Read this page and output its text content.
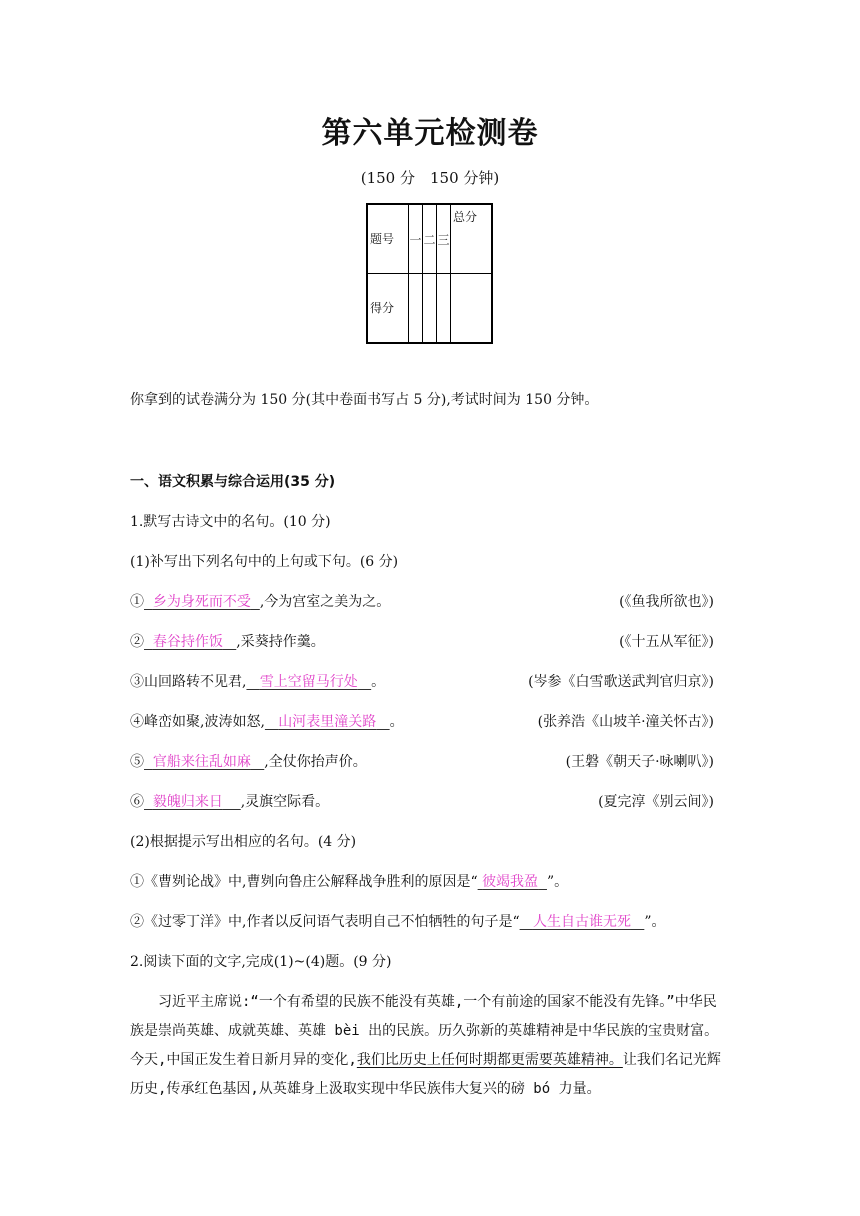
第六单元检测卷
(150 分　150 分钟)
题号	一	二	三	总分

得分				

你拿到的试卷满分为 150 分(其中卷面书写占 5 分),考试时间为 150 分钟。
一、语文积累与综合运用(35 分)
1.默写古诗文中的名句。(10 分)
(1)补写出下列名句中的上句或下句。(6 分)
① 乡为身死而不受 ,今为宫室之美为之。	(《鱼我所欲也》)
② 春谷持作饭 ,采葵持作羹。	(《十五从军征》)
③山回路转不见君, 雪上空留马行处 。	(岑参《白雪歌送武判官归京》)
④峰峦如聚,波涛如怒, 山河表里潼关路 。	(张养浩《山坡羊·潼关怀古》)
⑤ 官船来往乱如麻 ,全仗你抬声价。	(王磐《朝天子·咏喇叭》)
⑥ 毅魄归来日 ,灵旗空际看。	(夏完淳《别云间》)
(2)根据提示写出相应的名句。(4 分)
①《曹刿论战》中,曹刿向鲁庄公解释战争胜利的原因是“ 彼竭我盈 ”。
②《过零丁洋》中,作者以反问语气表明自己不怕牺牲的句子是“ 人生自古谁无死 ”。
2.阅读下面的文字,完成(1)~(4)题。(9 分)
习近平主席说:“一个有希望的民族不能没有英雄,一个有前途的国家不能没有先锋。”中华民族是崇尚英雄、成就英雄、英雄 bèi 出的民族。历久弥新的英雄精神是中华民族的宝贵财富。今天,中国正发生着日新月异的变化,我们比历史上任何时期都更需要英雄精神。让我们名记光辉历史,传承红色基因,从英雄身上汲取实现中华民族伟大复兴的磅 bó 力量。
